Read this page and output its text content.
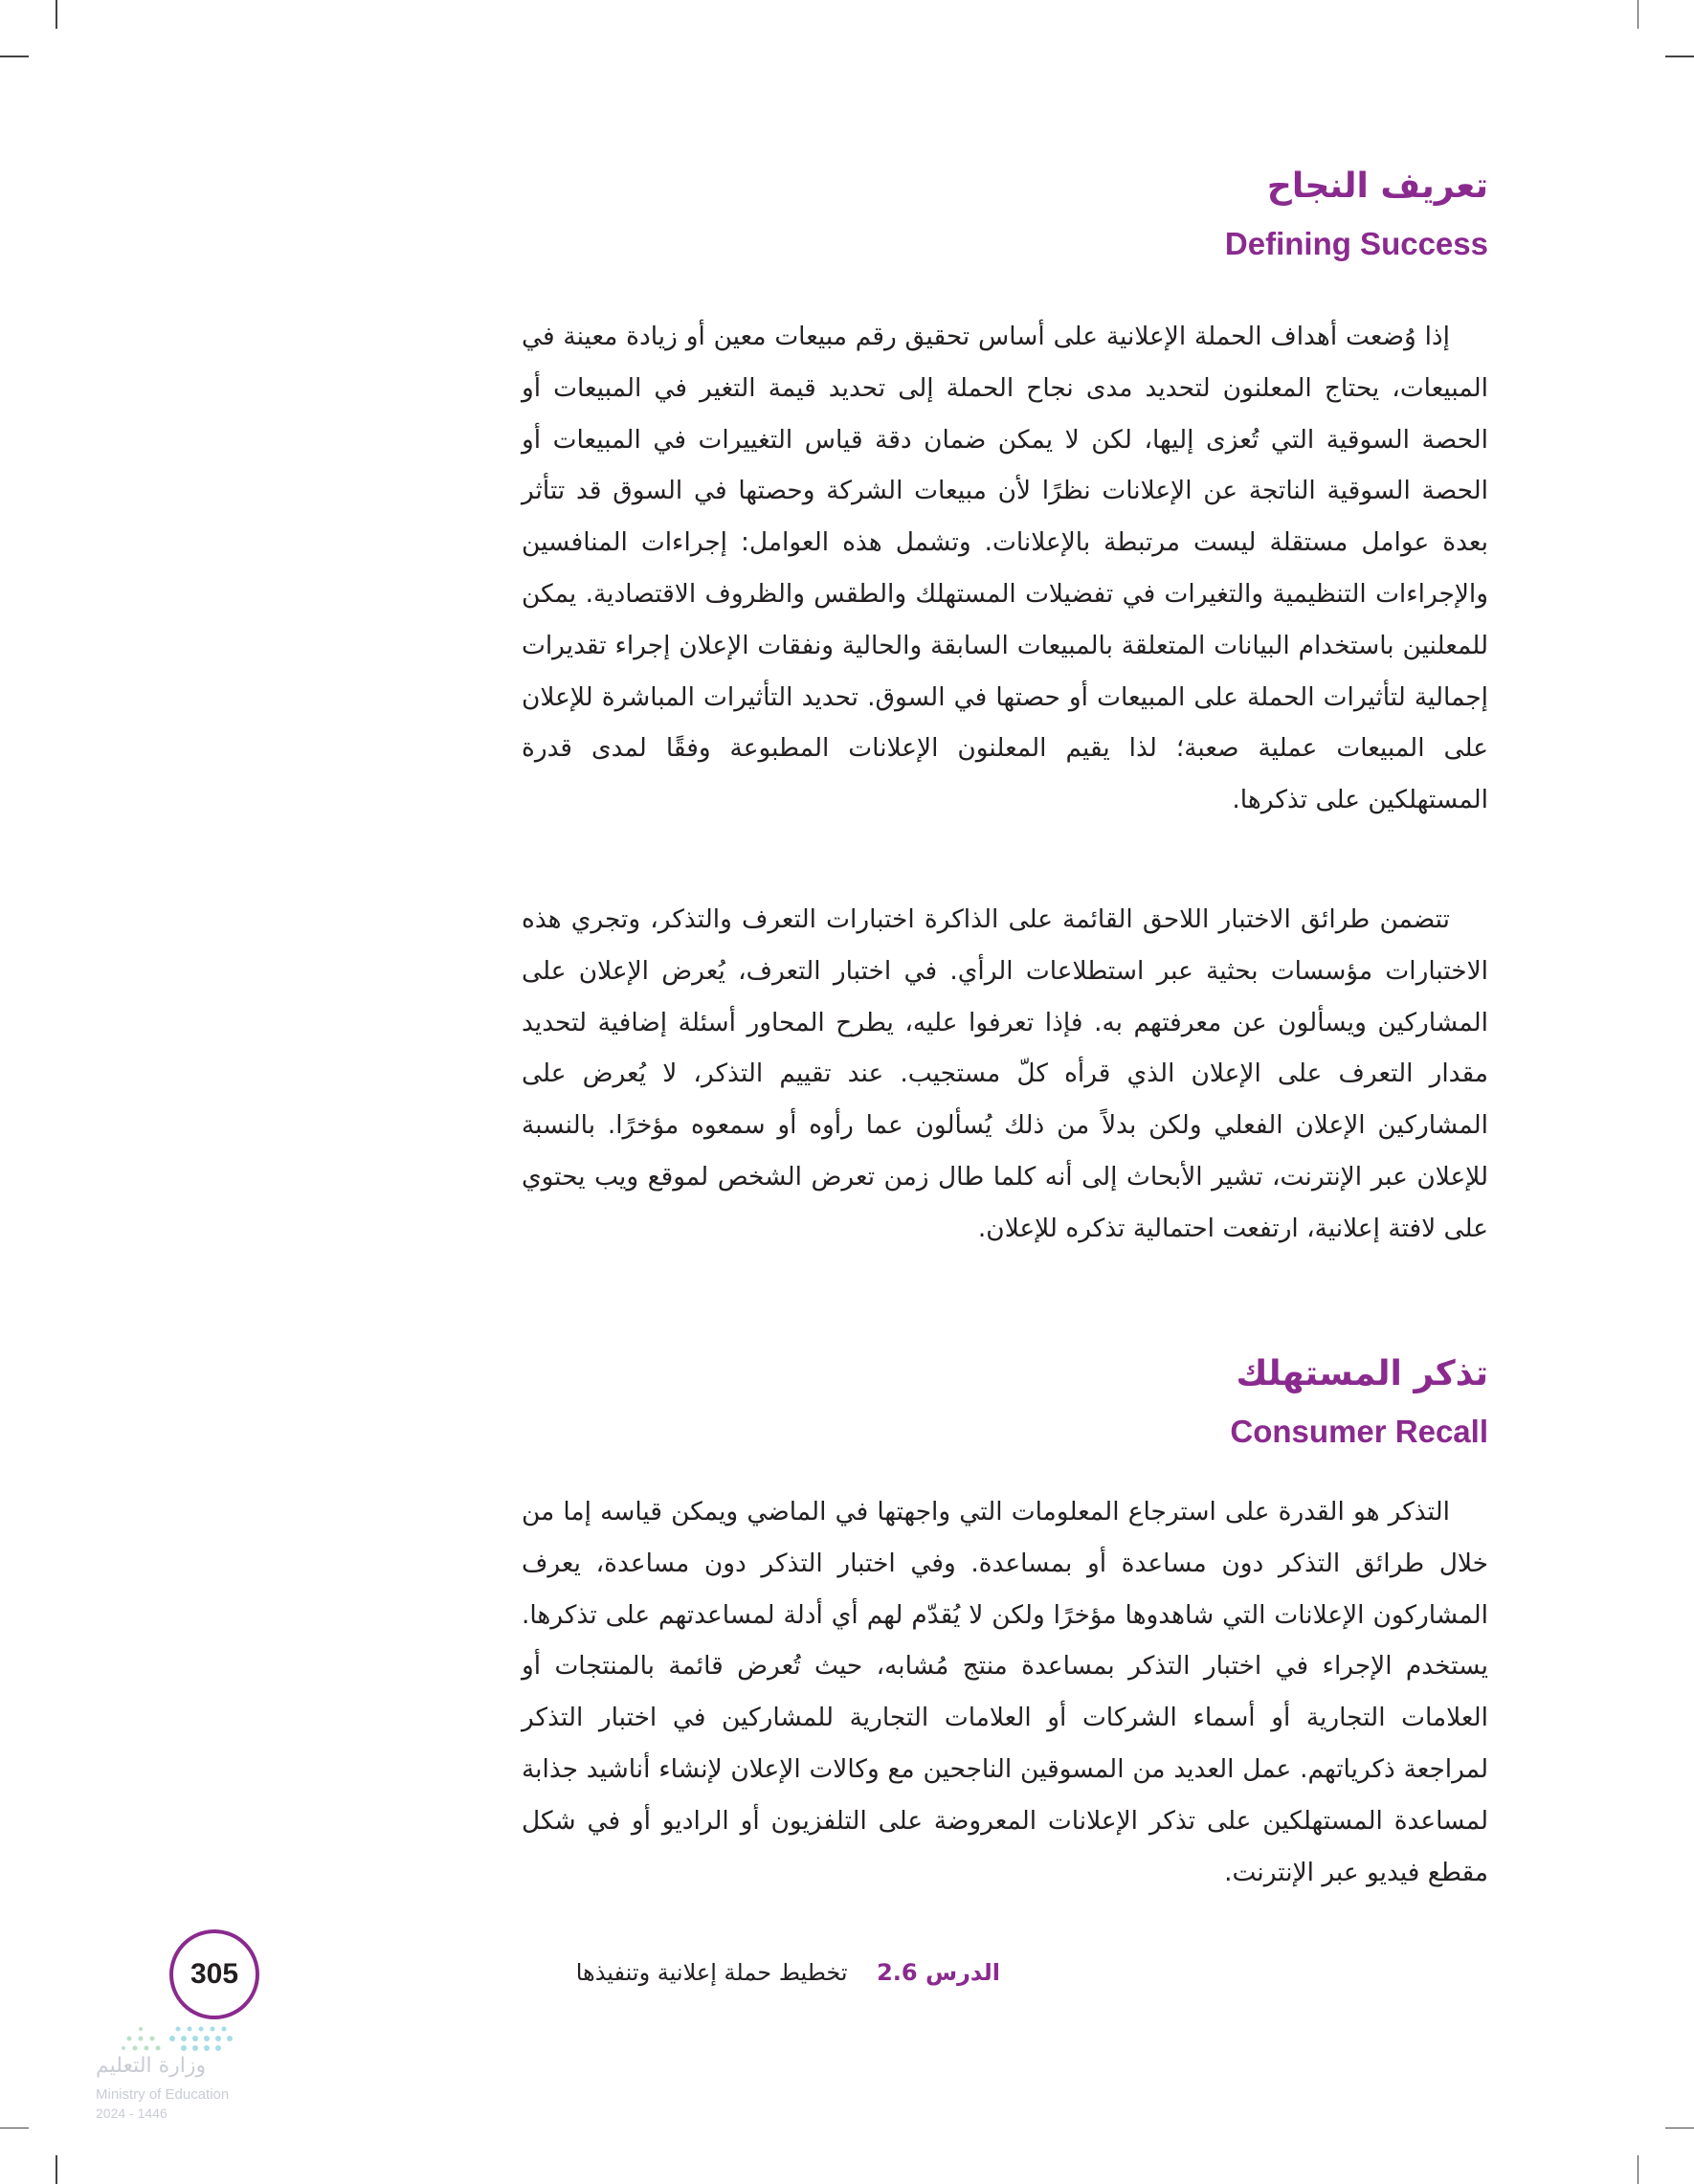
تعريف النجاح
Defining Success

إذا وُضعت أهداف الحملة الإعلانية على أساس تحقيق رقم مبيعات معين أو زيادة معينة في المبيعات، يحتاج المعلنون لتحديد مدى نجاح الحملة إلى تحديد قيمة التغير في المبيعات أو الحصة السوقية التي تُعزى إليها، لكن لا يمكن ضمان دقة قياس التغييرات في المبيعات أو الحصة السوقية الناتجة عن الإعلانات نظرًا لأن مبيعات الشركة وحصتها في السوق قد تتأثر بعدة عوامل مستقلة ليست مرتبطة بالإعلانات. وتشمل هذه العوامل: إجراءات المنافسين والإجراءات التنظيمية والتغيرات في تفضيلات المستهلك والطقس والظروف الاقتصادية. يمكن للمعلنين باستخدام البيانات المتعلقة بالمبيعات السابقة والحالية ونفقات الإعلان إجراء تقديرات إجمالية لتأثيرات الحملة على المبيعات أو حصتها في السوق. تحديد التأثيرات المباشرة للإعلان على المبيعات عملية صعبة؛ لذا يقيم المعلنون الإعلانات المطبوعة وفقًا لمدى قدرة المستهلكين على تذكرها.

تتضمن طرائق الاختبار اللاحق القائمة على الذاكرة اختبارات التعرف والتذكر، وتجري هذه الاختبارات مؤسسات بحثية عبر استطلاعات الرأي. في اختبار التعرف، يُعرض الإعلان على المشاركين ويسألون عن معرفتهم به. فإذا تعرفوا عليه، يطرح المحاور أسئلة إضافية لتحديد مقدار التعرف على الإعلان الذي قرأه كلّ مستجيب. عند تقييم التذكر، لا يُعرض على المشاركين الإعلان الفعلي ولكن بدلاً من ذلك يُسألون عما رأوه أو سمعوه مؤخرًا. بالنسبة للإعلان عبر الإنترنت، تشير الأبحاث إلى أنه كلما طال زمن تعرض الشخص لموقع ويب يحتوي على لافتة إعلانية، ارتفعت احتمالية تذكره للإعلان.

تذكر المستهلك
Consumer Recall

التذكر هو القدرة على استرجاع المعلومات التي واجهتها في الماضي ويمكن قياسه إما من خلال طرائق التذكر دون مساعدة أو بمساعدة. وفي اختبار التذكر دون مساعدة، يعرف المشاركون الإعلانات التي شاهدوها مؤخرًا ولكن لا يُقدّم لهم أي أدلة لمساعدتهم على تذكرها. يستخدم الإجراء في اختبار التذكر بمساعدة منتج مُشابه، حيث تُعرض قائمة بالمنتجات أو العلامات التجارية أو أسماء الشركات أو العلامات التجارية للمشاركين في اختبار التذكر لمراجعة ذكرياتهم. عمل العديد من المسوقين الناجحين مع وكالات الإعلان لإنشاء أناشيد جذابة لمساعدة المستهلكين على تذكر الإعلانات المعروضة على التلفزيون أو الراديو أو في شكل مقطع فيديو عبر الإنترنت.

الدرس 2.6    تخطيط حملة إعلانية وتنفيذها
305
وزارة التعليم
Ministry of Education
2024 - 1446
